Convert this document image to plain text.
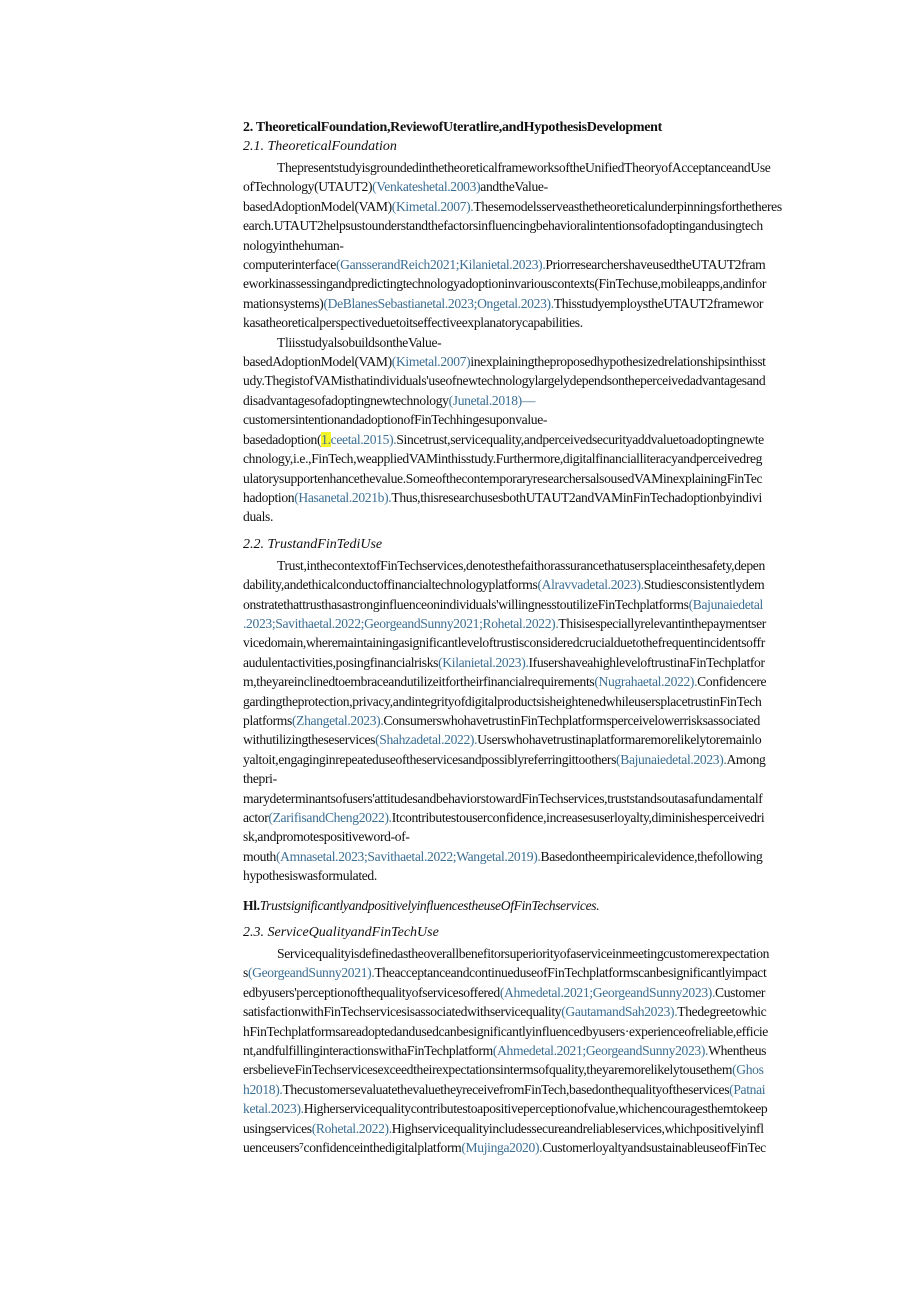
2. TheoreticalFoundation,ReviewofUteratlire,andHypothesisDevelopment
2.1. TheoreticalFoundation
ThepresentstudyisgroundedinthetheoreticalframeworksoftheUnifiedTheoryofAcceptanceandUse
ofTechnology(UTAUT2)(Venkateshetal.2003)andtheValue-
basedAdoptionModel(VAM)(Kimetal.2007).Thesemodelsserveasthetheoreticalunderpinningsforthetheres
earch.UTAUT2helpsustounderstandthefactorsinfluencingbehavioralintentionsofadoptingandusingtech
nologyinthehuman-
computerinterface(GansserandReich2021;Kilanietal.2023).PriorresearchershaveusedtheUTAUT2fram
eworkinassessingandpredictingtechnologyadoptioninvariouscontexts(FinTechuse,mobileapps,andinfor
mationsystems)(DeBlanesSebastianetal.2023;Ongetal.2023).ThisstudyemploystheUTAUT2framewor
kasatheoreticalperspectiveduetoitseffectiveexplanatorycapabilities.
TliisstudyalsobuildsontheValue-
basedAdoptionModel(VAM)(Kimetal.2007)inexplainingtheproposedhypothesizedrelationshipsinthisst
udy.ThegistofVAMisthatindividuals'useofnewtechnologylargelydependsontheperceivedadvantagesand
disadvantagesofadoptingnewtechnology(Junetal.2018)—
customersintentionandadoptionofFinTechhingesuponvalue-
basedadoption(1.ceetal.2015).Sincetrust,servicequality,andperceivedsecurityaddvaluetoadoptingnewte
chnology,i.e.,FinTech,weappliedVAMinthisstudy.Furthermore,digitalfinancialliteracyandperceivedreg
ulatorysupportenhancethevalue.SomeofthecontemporaryresearchersalsousedVAMinexplainingFinTec
hadoption(Hasanetal.2021b).Thus,thisresearchusesbothUTAUT2andVAMinFinTechadoptionbyindivi
duals.
2.2. TrustandFinTediUse
Trust,inthecontextofFinTechservices,denotesthefaithorassurancethatusersplaceinthesafety,depen
dability,andethicalconductoffinancialtechnologyplatforms(Alravvadetal.2023).Studiesconsistentlydem
onstratethattrusthasastronginfluenceonindividuals'willingnesstoutilizeFinTechplatforms(Bajunaiedetal
.2023;Savithaetal.2022;GeorgeandSunny2021;Rohetal.2022).Thisisespeciallyrelevantinthepaymentser
vicedomain,wheremaintainingasignificantleveloftrustisconsideredcrucialduetothefrequentincidentsoffr
audulentactivities,posingfinancialrisks(Kilanietal.2023).IfusershaveahighleveloftrustinaFinTechplatfor
m,theyareinclinedtoembraceandutilizeitfortheirfinancialrequirements(Nugrahaetal.2022).Confidencere
gardingtheprotection,privacy,andintegrityofdigitalproductsisheightenedwhileusersplacetrustinFinTech
platforms(Zhangetal.2023).ConsumerswhohavetrustinFinTechplatformsperceivelowerrisksassociated
withutilizingtheseservices(Shahzadetal.2022).Userswhohavetrustinaplatformaremorelikelytoremainlo
yaltoit,engaginginrepeateduseoftheservicesandpossiblyreferringittoothers(Bajunaiedetal.2023).Among
thepri-
marydeterminantsofusers'attitudesandbehaviorstowardFinTechservices,truststandsoutasafundamentalf
actor(ZarifisandCheng2022).Itcontributestouserconfidence,increasesuserloyalty,diminishesperceivedri
sk,andpromotespositiveword-of-
mouth(Amnasetal.2023;Savithaetal.2022;Wangetal.2019).Basedontheempiricalevidence,thefollowing
hypothesiswasformulated.
Hl.TrustsignificantlyandpositivelyinfluencestheuseOfFinTechservices.
2.3. ServiceQualityandFinTechUse
Servicequalityisdefinedastheoverallbenefitorsuperiorityofaserviceinmeetingcustomerexpectation
s(GeorgeandSunny2021).TheacceptanceandcontinueduseofFinTechplatformscanbesignificantlyimpact
edbyusers'perceptionofthequalityofservicesoffered(Ahmedetal.2021;GeorgeandSunny2023).Customer
satisfactionwithFinTechservicesisassociatedwithservicequality(GautamandSah2023).Thedegreetowhic
hFinTechplatformsareadoptedandusedcanbesignificantlyinfluencedbyusers·experienceofreliable,efficie
nt,andfulfillinginteractionswithaFinTechplatform(Ahmedetal.2021;GeorgeandSunny2023).Whentheus
ersbelieveFinTechservicesexceedtheirexpectationsintermsofquality,theyaremorelikelytousethem(Ghos
h2018).ThecustomersevaluatethevaluetheyreceivefromFinTech,basedonthequalityoftheservices(Patnai
ketal.2023).Higherservicequalitycontributestoapositiveperceptionofvalue,whichencouragesthemtokeep
usingservices(Rohetal.2022).Highservicequalityincludessecureandreliableservices,whichpositivelyinfl
uenceusers⁷confidenceinthedigitalplatform(Mujinga2020).CustomerloyaltyandsustainableuseofFinTec
